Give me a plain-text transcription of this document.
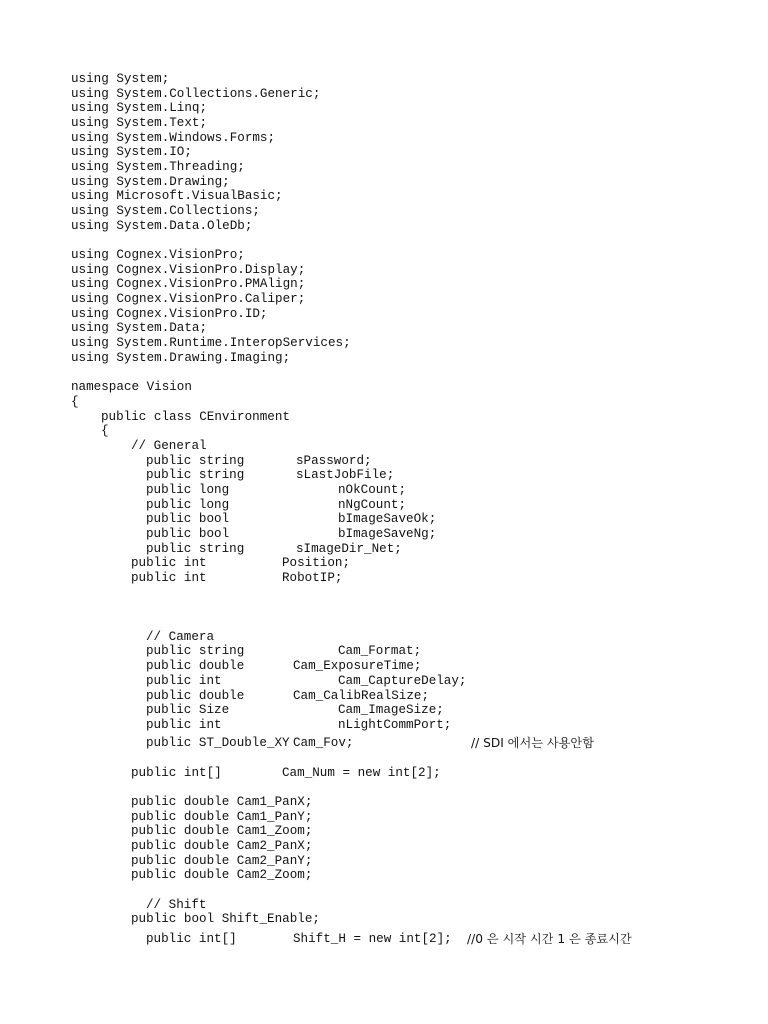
using System;
using System.Collections.Generic;
using System.Linq;
using System.Text;
using System.Windows.Forms;
using System.IO;
using System.Threading;
using System.Drawing;
using Microsoft.VisualBasic;
using System.Collections;
using System.Data.OleDb;
using Cognex.VisionPro;
using Cognex.VisionPro.Display;
using Cognex.VisionPro.PMAlign;
using Cognex.VisionPro.Caliper;
using Cognex.VisionPro.ID;
using System.Data;
using System.Runtime.InteropServices;
using System.Drawing.Imaging;
namespace Vision
{
public class CEnvironment
{
// General
public string	sPassword;
public string	sLastJobFile;
public long	nOkCount;
public long	nNgCount;
public bool	bImageSaveOk;
public bool	bImageSaveNg;
public string	sImageDir_Net;
public int	Position;
public int	RobotIP;
// Camera
public string	Cam_Format;
public double	Cam_ExposureTime;
public int	Cam_CaptureDelay;
public double	Cam_CalibRealSize;
public Size	Cam_ImageSize;
public int	nLightCommPort;
public ST_Double_XY Cam_Fov;	// SDI 에서는 사용안함
public int[]	Cam_Num = new int[2];
public double Cam1_PanX;
public double Cam1_PanY;
public double Cam1_Zoom;
public double Cam2_PanX;
public double Cam2_PanY;
public double Cam2_Zoom;
// Shift
public bool Shift_Enable;
public int[]	Shift_H = new int[2]; //0 은 시작 시간 1 은 종료시간
